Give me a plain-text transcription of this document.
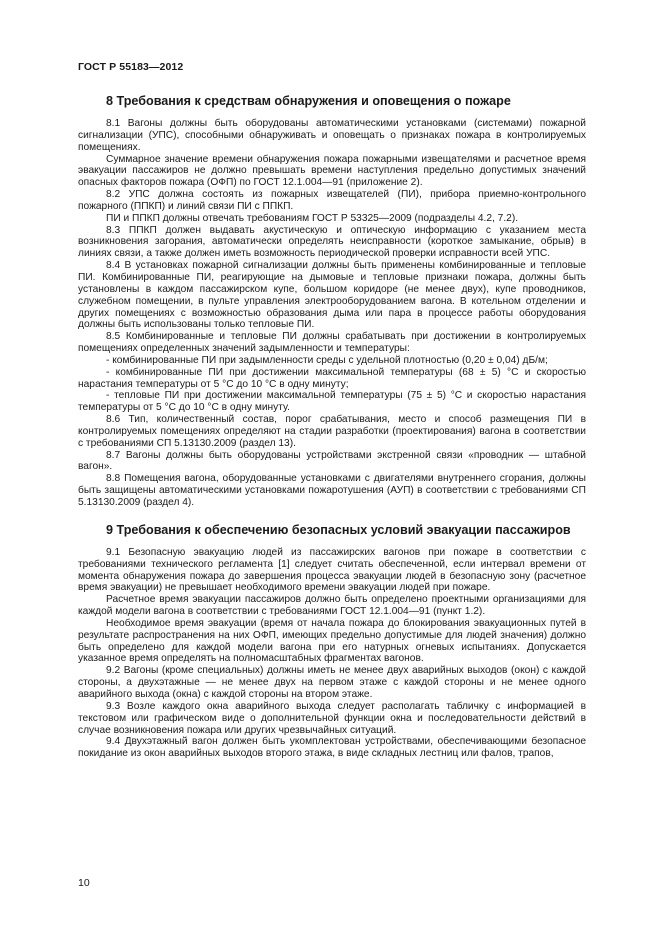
ГОСТ Р 55183—2012
8 Требования к средствам обнаружения и оповещения о пожаре

8.1 Вагоны должны быть оборудованы автоматическими установками (системами) пожарной сигнализации (УПС), способными обнаруживать и оповещать о признаках пожара в контролируемых помещениях.

Суммарное значение времени обнаружения пожара пожарными извещателями и расчетное время эвакуации пассажиров не должно превышать времени наступления предельно допустимых значений опасных факторов пожара (ОФП) по ГОСТ 12.1.004—91 (приложение 2).

8.2 УПС должна состоять из пожарных извещателей (ПИ), прибора приемно-контрольного пожарного (ППКП) и линий связи ПИ с ППКП.

ПИ и ППКП должны отвечать требованиям ГОСТ Р 53325—2009 (подразделы 4.2, 7.2).

8.3 ППКП должен выдавать акустическую и оптическую информацию с указанием места возникновения загорания, автоматически определять неисправности (короткое замыкание, обрыв) в линиях связи, а также должен иметь возможность периодической проверки исправности всей УПС.

8.4 В установках пожарной сигнализации должны быть применены комбинированные и тепловые ПИ. Комбинированные ПИ, реагирующие на дымовые и тепловые признаки пожара, должны быть установлены в каждом пассажирском купе, большом коридоре (не менее двух), купе проводников, служебном помещении, в пульте управления электрооборудованием вагона. В котельном отделении и других помещениях с возможностью образования дыма или пара в процессе работы оборудования должны быть использованы только тепловые ПИ.

8.5 Комбинированные и тепловые ПИ должны срабатывать при достижении в контролируемых помещениях определенных значений задымленности и температуры:

- комбинированные ПИ при задымленности среды с удельной плотностью (0,20 ± 0,04) дБ/м;

- комбинированные ПИ при достижении максимальной температуры (68 ± 5) °С и скоростью нарастания температуры от 5 °С до 10 °С в одну минуту;

- тепловые ПИ при достижении максимальной температуры (75 ± 5) °С и скоростью нарастания температуры от 5 °С до 10 °С в одну минуту.

8.6 Тип, количественный состав, порог срабатывания, место и способ размещения ПИ в контролируемых помещениях определяют на стадии разработки (проектирования) вагона в соответствии с требованиями СП 5.13130.2009 (раздел 13).

8.7 Вагоны должны быть оборудованы устройствами экстренной связи «проводник — штабной вагон».

8.8 Помещения вагона, оборудованные установками с двигателями внутреннего сгорания, должны быть защищены автоматическими установками пожаротушения (АУП) в соответствии с требованиями СП 5.13130.2009 (раздел 4).

9 Требования к обеспечению безопасных условий эвакуации пассажиров

9.1 Безопасную эвакуацию людей из пассажирских вагонов при пожаре в соответствии с требованиями технического регламента [1] следует считать обеспеченной, если интервал времени от момента обнаружения пожара до завершения процесса эвакуации людей в безопасную зону (расчетное время эвакуации) не превышает необходимого времени эвакуации людей при пожаре.

Расчетное время эвакуации пассажиров должно быть определено проектными организациями для каждой модели вагона в соответствии с требованиями ГОСТ 12.1.004—91 (пункт 1.2).

Необходимое время эвакуации (время от начала пожара до блокирования эвакуационных путей в результате распространения на них ОФП, имеющих предельно допустимые для людей значения) должно быть определено для каждой модели вагона при его натурных огневых испытаниях. Допускается указанное время определять на полномасштабных фрагментах вагонов.

9.2 Вагоны (кроме специальных) должны иметь не менее двух аварийных выходов (окон) с каждой стороны, а двухэтажные — не менее двух на первом этаже с каждой стороны и не менее одного аварийного выхода (окна) с каждой стороны на втором этаже.

9.3 Возле каждого окна аварийного выхода следует располагать табличку с информацией в текстовом или графическом виде о дополнительной функции окна и последовательности действий в случае возникновения пожара или других чрезвычайных ситуаций.

9.4 Двухэтажный вагон должен быть укомплектован устройствами, обеспечивающими безопасное покидание из окон аварийных выходов второго этажа, в виде складных лестниц или фалов, трапов,

10
